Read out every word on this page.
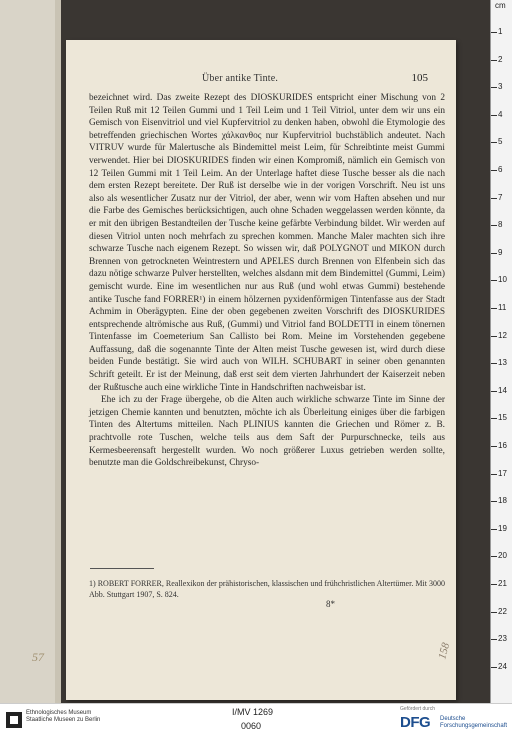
57
Über antike Tinte.	105

bezeichnet wird. Das zweite Rezept des DIOSKURIDES entspricht einer Mischung von 2 Teilen Ruß mit 12 Teilen Gummi und 1 Teil Leim und 1 Teil Vitriol, unter dem wir uns ein Gemisch von Eisenvitriol und viel Kupfervitriol zu denken haben, obwohl die Etymologie des betreffenden griechischen Wortes χάλκανθος nur Kupfervitriol buchstäblich andeutet. Nach VITRUV wurde für Malertusche als Bindemittel meist Leim, für Schreibtinte meist Gummi verwendet. Hier bei DIOSKURIDES finden wir einen Kompromiß, nämlich ein Gemisch von 12 Teilen Gummi mit 1 Teil Leim. An der Unterlage haftet diese Tusche besser als die nach dem ersten Rezept bereitete. Der Ruß ist derselbe wie in der vorigen Vorschrift. Neu ist uns also als wesentlicher Zusatz nur der Vitriol, der aber, wenn wir vom Haften absehen und nur die Farbe des Gemisches berücksichtigen, auch ohne Schaden weggelassen werden könnte, da er mit den übrigen Bestandteilen der Tusche keine gefärbte Verbindung bildet. Wir werden auf diesen Vitriol unten noch mehrfach zu sprechen kommen. Manche Maler machten sich ihre schwarze Tusche nach eigenem Rezept. So wissen wir, daß POLYGNOT und MIKON durch Brennen von getrockneten Weintrestern und APELES durch Brennen von Elfenbein sich das dazu nötige schwarze Pulver herstellten, welches alsdann mit dem Bindemittel (Gummi, Leim) gemischt wurde. Eine im wesentlichen nur aus Ruß (und wohl etwas Gummi) bestehende antike Tusche fand FORRER¹) in einem hölzernen pyxidenförmigen Tintenfasse aus der Stadt Achmim in Oberägypten. Eine der oben gegebenen zweiten Vorschrift des DIOSKURIDES entsprechende altrömische aus Ruß, (Gummi) und Vitriol fand BOLDETTI in einem tönernen Tintenfasse im Coemeterium San Callisto bei Rom. Meine im Vorstehenden gegebene Auffassung, daß die sogenannte Tinte der Alten meist Tusche gewesen ist, wird durch diese beiden Funde bestätigt. Sie wird auch von WILH. SCHUBART in seiner oben genannten Schrift geteilt. Er ist der Meinung, daß erst seit dem vierten Jahrhundert der Kaiserzeit neben der Rußtusche auch eine wirkliche Tinte in Handschriften nachweisbar ist.

Ehe ich zu der Frage übergehe, ob die Alten auch wirkliche schwarze Tinte im Sinne der jetzigen Chemie kannten und benutzten, möchte ich als Überleitung einiges über die farbigen Tinten des Altertums mitteilen. Nach PLINIUS kannten die Griechen und Römer z. B. prachtvolle rote Tuschen, welche teils aus dem Saft der Purpurschnecke, teils aus Kermesbeerensaft hergestellt wurden. Wo noch größerer Luxus getrieben werden sollte, benutzte man die Goldschreibekunst, Chryso-

1) ROBERT FORRER, Reallexikon der prähistorischen, klassischen und frühchristlichen Altertümer. Mit 3000 Abb. Stuttgart 1907, S. 824.
8*
158
cm
1
2
3
4
5
6
7
8
9
10
11
12
13
14
15
16
17
18
19
20
21
22
23
24
Ethnologisches Museum
Staatliche Museen zu Berlin
I/MV 1269
0060
Gefördert durch
DFG Deutsche
Forschungsgemeinschaft
